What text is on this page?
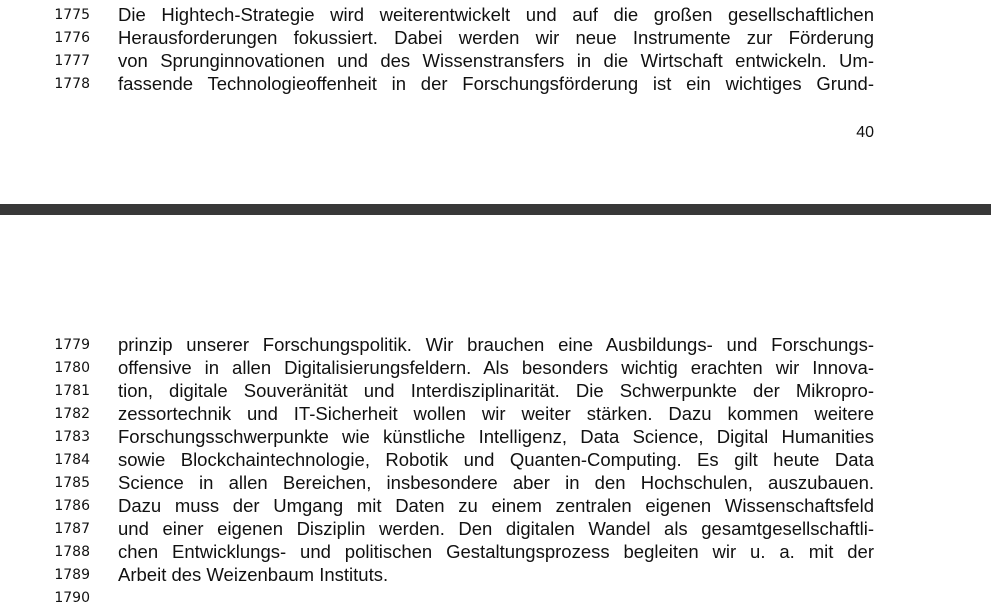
1775 Die Hightech-Strategie wird weiterentwickelt und auf die großen gesellschaftlichen
1776 Herausforderungen fokussiert. Dabei werden wir neue Instrumente zur Förderung
1777 von Sprunginnovationen und des Wissenstransfers in die Wirtschaft entwickeln. Um-
1778 fassende Technologieoffenheit in der Forschungsförderung ist ein wichtiges Grund-
40
1779 prinzip unserer Forschungspolitik. Wir brauchen eine Ausbildungs- und Forschungs-
1780 offensive in allen Digitalisierungsfeldern. Als besonders wichtig erachten wir Innova-
1781 tion, digitale Souveränität und Interdisziplinarität. Die Schwerpunkte der Mikropro-
1782 zessortechnik und IT-Sicherheit wollen wir weiter stärken. Dazu kommen weitere
1783 Forschungsschwerpunkte wie künstliche Intelligenz, Data Science, Digital Humanities
1784 sowie Blockchaintechnologie, Robotik und Quanten-Computing. Es gilt heute Data
1785 Science in allen Bereichen, insbesondere aber in den Hochschulen, auszubauen.
1786 Dazu muss der Umgang mit Daten zu einem zentralen eigenen Wissenschaftsfeld
1787 und einer eigenen Disziplin werden. Den digitalen Wandel als gesamtgesellschaftli-
1788 chen Entwicklungs- und politischen Gestaltungsprozess begleiten wir u. a. mit der
1789 Arbeit des Weizenbaum Instituts.
1790
